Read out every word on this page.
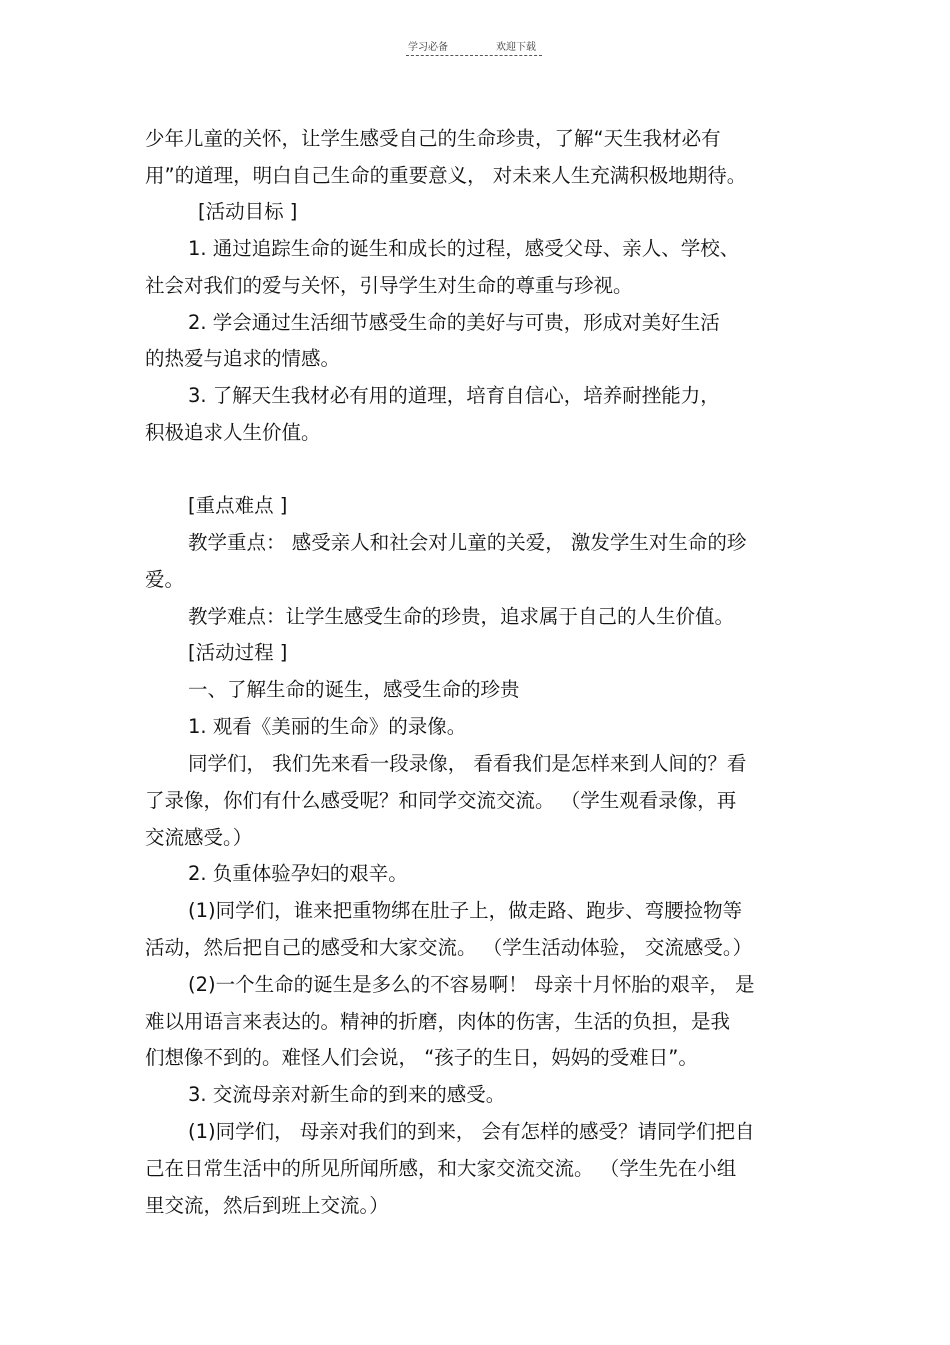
学习必备	欢迎下载
少年儿童的关怀，让学生感受自己的生命珍贵，了解“天生我材必有
用”的道理，明白自己生命的重要意义， 对未来人生充满积极地期待。
[活动目标 ]
1. 通过追踪生命的诞生和成长的过程，感受父母、亲人、学校、
社会对我们的爱与关怀，引导学生对生命的尊重与珍视。
2. 学会通过生活细节感受生命的美好与可贵，形成对美好生活
的热爱与追求的情感。
3. 了解天生我材必有用的道理，培育自信心，培养耐挫能力，
积极追求人生价值。
[重点难点 ]
教学重点： 感受亲人和社会对儿童的关爱， 激发学生对生命的珍
爱。
教学难点：让学生感受生命的珍贵，追求属于自己的人生价值。
[活动过程 ]
一、了解生命的诞生，感受生命的珍贵
1. 观看《美丽的生命》的录像。
同学们， 我们先来看一段录像， 看看我们是怎样来到人间的？看
了录像，你们有什么感受呢？和同学交流交流。 （学生观看录像，再
交流感受。）
2. 负重体验孕妇的艰辛。
(1)同学们，谁来把重物绑在肚子上，做走路、跑步、弯腰捡物等
活动，然后把自己的感受和大家交流。 （学生活动体验， 交流感受。）
(2)一个生命的诞生是多么的不容易啊！ 母亲十月怀胎的艰辛， 是
难以用语言来表达的。精神的折磨，肉体的伤害，生活的负担，是我
们想像不到的。难怪人们会说， “孩子的生日，妈妈的受难日”。
3. 交流母亲对新生命的到来的感受。
(1)同学们， 母亲对我们的到来， 会有怎样的感受？请同学们把自
己在日常生活中的所见所闻所感，和大家交流交流。 （学生先在小组
里交流，然后到班上交流。）
